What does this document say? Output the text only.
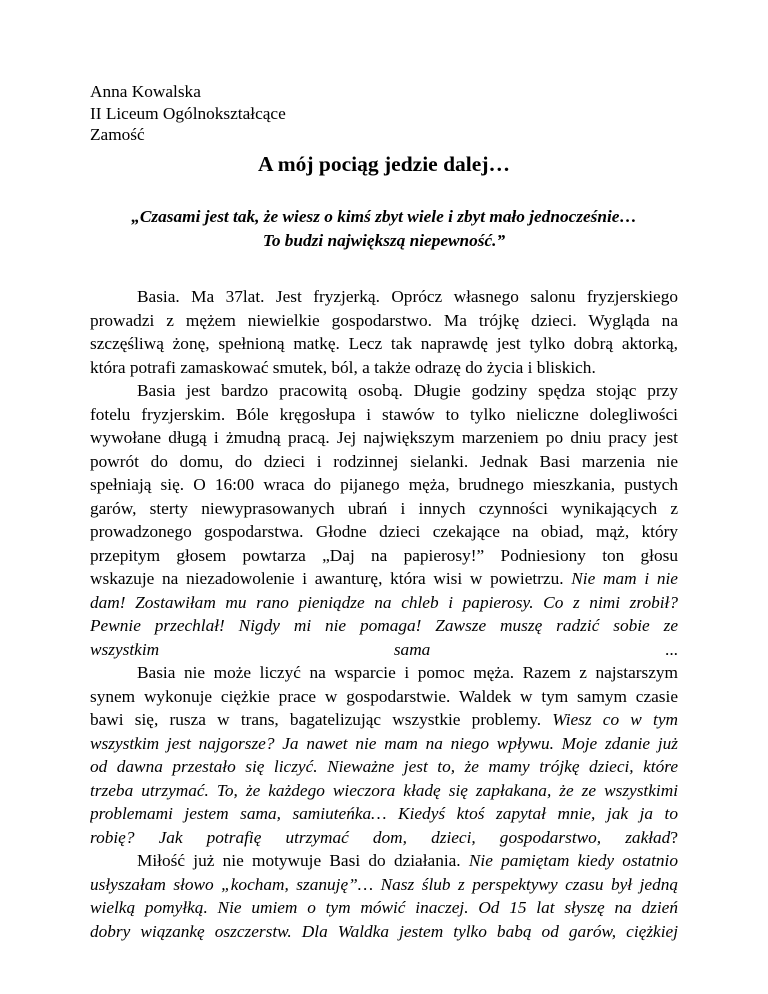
Anna Kowalska
II Liceum Ogólnokształcące
Zamość
A mój pociąg jedzie dalej…
„Czasami jest tak, że wiesz o kimś zbyt wiele i zbyt mało jednocześnie…
To budzi największą niepewność.”
Basia. Ma 37lat. Jest fryzjerką. Oprócz własnego salonu fryzjerskiego
prowadzi z mężem niewielkie gospodarstwo. Ma trójkę dzieci. Wygląda na
szczęśliwą żonę, spełnioną matkę. Lecz tak naprawdę jest tylko dobrą aktorką,
która potrafi zamaskować smutek, ból, a także odrazę do życia i bliskich.
Basia jest bardzo pracowitą osobą. Długie godziny spędza stojąc przy
fotelu fryzjerskim. Bóle kręgosłupa i stawów to tylko nieliczne dolegliwości
wywołane długą i żmudną pracą. Jej największym marzeniem po dniu pracy jest
powrót do domu, do dzieci i rodzinnej sielanki. Jednak Basi marzenia nie
spełniają się. O 16:00 wraca do pijanego męża, brudnego mieszkania, pustych
garów, sterty niewyprasowanych ubrań i innych czynności wynikających z
prowadzonego gospodarstwa. Głodne dzieci czekające na obiad, mąż, który
przepitym głosem powtarza „Daj na papierosy!” Podniesiony ton głosu
wskazuje na niezadowolenie i awanturę, która wisi w powietrzu. Nie mam i nie
dam! Zostawiłam mu rano pieniądze na chleb i papierosy. Co z nimi zrobił?
Pewnie przechlał! Nigdy mi nie pomaga! Zawsze muszę radzić sobie ze
wszystkim sama ...
Basia nie może liczyć na wsparcie i pomoc męża. Razem z najstarszym
synem wykonuje ciężkie prace w gospodarstwie. Waldek w tym samym czasie
bawi się, rusza w trans, bagatelizując wszystkie problemy. Wiesz co w tym
wszystkim jest najgorsze? Ja nawet nie mam na niego wpływu. Moje zdanie już
od dawna przestało się liczyć. Nieważne jest to, że mamy trójkę dzieci, które
trzeba utrzymać. To, że każdego wieczora kładę się zapłakana, że ze wszystkimi
problemami jestem sama, samiuteńka… Kiedyś ktoś zapytał mnie, jak ja to
robię? Jak potrafię utrzymać dom, dzieci, gospodarstwo, zakład?
Miłość już nie motywuje Basi do działania. Nie pamiętam kiedy ostatnio
usłyszałam słowo „kocham, szanuję”… Nasz ślub z perspektywy czasu był jedną
wielką pomyłką. Nie umiem o tym mówić inaczej. Od 15 lat słyszę na dzień
dobry wiązankę oszczerstw. Dla Waldka jestem tylko babą od garów, ciężkiej
